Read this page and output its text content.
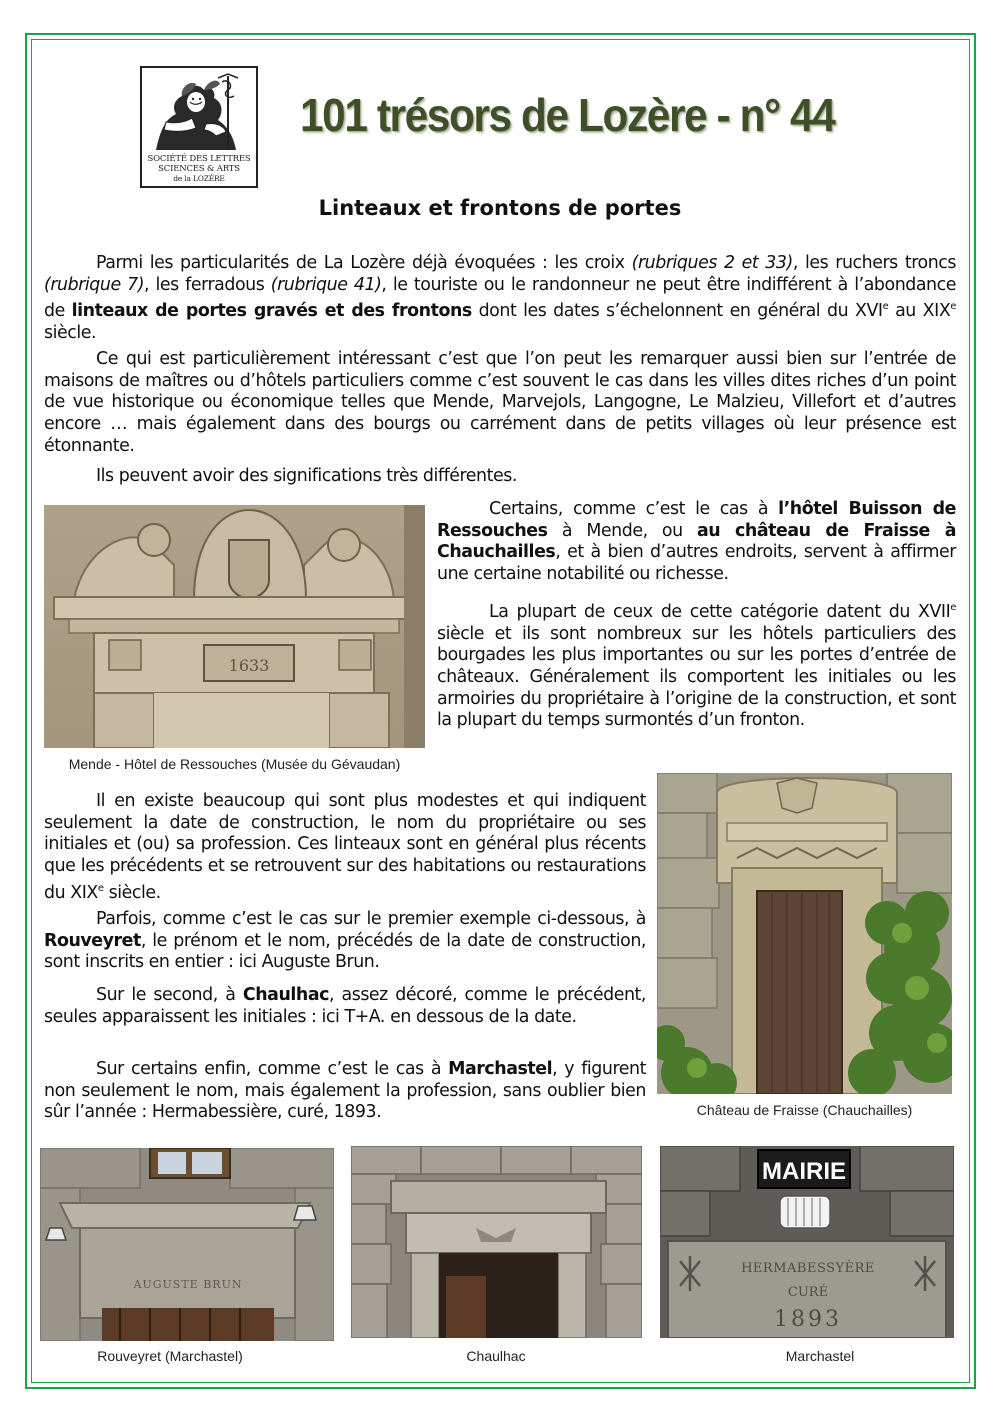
SOCIÉTÉ DES LETTRES
SCIENCES & ARTS
de la LOZÈRE
101 trésors de Lozère - n° 44
Linteaux et frontons de portes

Parmi les particularités de La Lozère déjà évoquées : les croix (rubriques 2 et 33), les ruchers troncs (rubrique 7), les ferradous (rubrique 41), le touriste ou le randonneur ne peut être indifférent à l’abondance de linteaux de portes gravés et des frontons dont les dates s’échelonnent en général du XVIe au XIXe siècle.

Ce qui est particulièrement intéressant c’est que l’on peut les remarquer aussi bien sur l’entrée de maisons de maîtres ou d’hôtels particuliers comme c’est souvent le cas dans les villes dites riches d’un point de vue historique ou économique telles que Mende, Marvejols, Langogne, Le Malzieu, Villefort et d’autres encore … mais également dans des bourgs ou carrément dans de petits villages où leur présence est étonnante.

Ils peuvent avoir des significations très différentes.

1633
Mende - Hôtel de Ressouches (Musée du Gévaudan)

Certains, comme c’est le cas à l’hôtel Buisson de Ressouches à Mende, ou au château de Fraisse à Chauchailles, et à bien d’autres endroits, servent à affirmer une certaine notabilité ou richesse.

La plupart de ceux de cette catégorie datent du XVIIe siècle et ils sont nombreux sur les hôtels particuliers des bourgades les plus importantes ou sur les portes d’entrée de châteaux. Généralement ils comportent les initiales ou les armoiries du propriétaire à l’origine de la construction, et sont la plupart du temps surmontés d’un fronton.

Il en existe beaucoup qui sont plus modestes et qui indiquent seulement la date de construction, le nom du propriétaire ou ses initiales et (ou) sa profession. Ces linteaux sont en général plus récents que les précédents et se retrouvent sur des habitations ou restaurations du XIXe siècle.

Parfois, comme c’est le cas sur le premier exemple ci-dessous, à Rouveyret, le prénom et le nom, précédés de la date de construction, sont inscrits en entier : ici Auguste Brun.

Sur le second, à Chaulhac, assez décoré, comme le précédent, seules apparaissent les initiales : ici T+A. en dessous de la date.

Sur certains enfin, comme c’est le cas à Marchastel, y figurent non seulement le nom, mais également la profession, sans oublier bien sûr l’année : Hermabessière, curé, 1893.	Château de Fraisse (Chauchailles)
AUGUSTE BRUN
Rouveyret (Marchastel)	Chaulhac
MAIRIE
HERMABESSYÈRE
CURÉ
1893
Marchastel
